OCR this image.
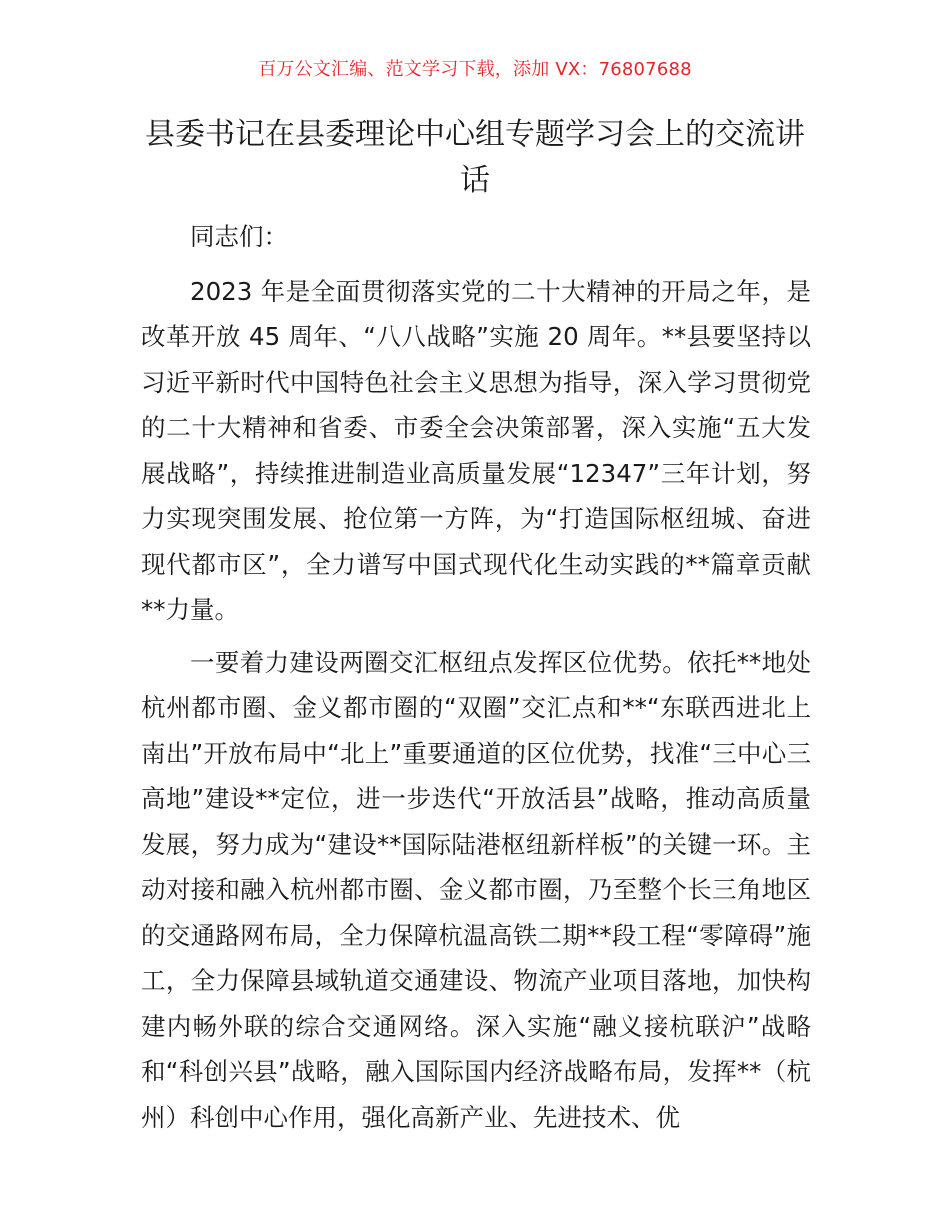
百万公文汇编、范文学习下载，添加 VX：76807688
县委书记在县委理论中心组专题学习会上的交流讲话

同志们：

2023 年是全面贯彻落实党的二十大精神的开局之年，是改革开放 45 周年、“八八战略”实施 20 周年。**县要坚持以习近平新时代中国特色社会主义思想为指导，深入学习贯彻党的二十大精神和省委、市委全会决策部署，深入实施“五大发展战略”，持续推进制造业高质量发展“12347”三年计划，努力实现突围发展、抢位第一方阵，为“打造国际枢纽城、奋进现代都市区”，全力谱写中国式现代化生动实践的**篇章贡献**力量。

一要着力建设两圈交汇枢纽点发挥区位优势。依托**地处杭州都市圈、金义都市圈的“双圈”交汇点和**“东联西进北上南出”开放布局中“北上”重要通道的区位优势，找准“三中心三高地”建设**定位，进一步迭代“开放活县”战略，推动高质量发展，努力成为“建设**国际陆港枢纽新样板”的关键一环。主动对接和融入杭州都市圈、金义都市圈，乃至整个长三角地区的交通路网布局，全力保障杭温高铁二期**段工程“零障碍”施工，全力保障县域轨道交通建设、物流产业项目落地，加快构建内畅外联的综合交通网络。深入实施“融义接杭联沪”战略和“科创兴县”战略，融入国际国内经济战略布局，发挥**（杭州）科创中心作用，强化高新产业、先进技术、优
